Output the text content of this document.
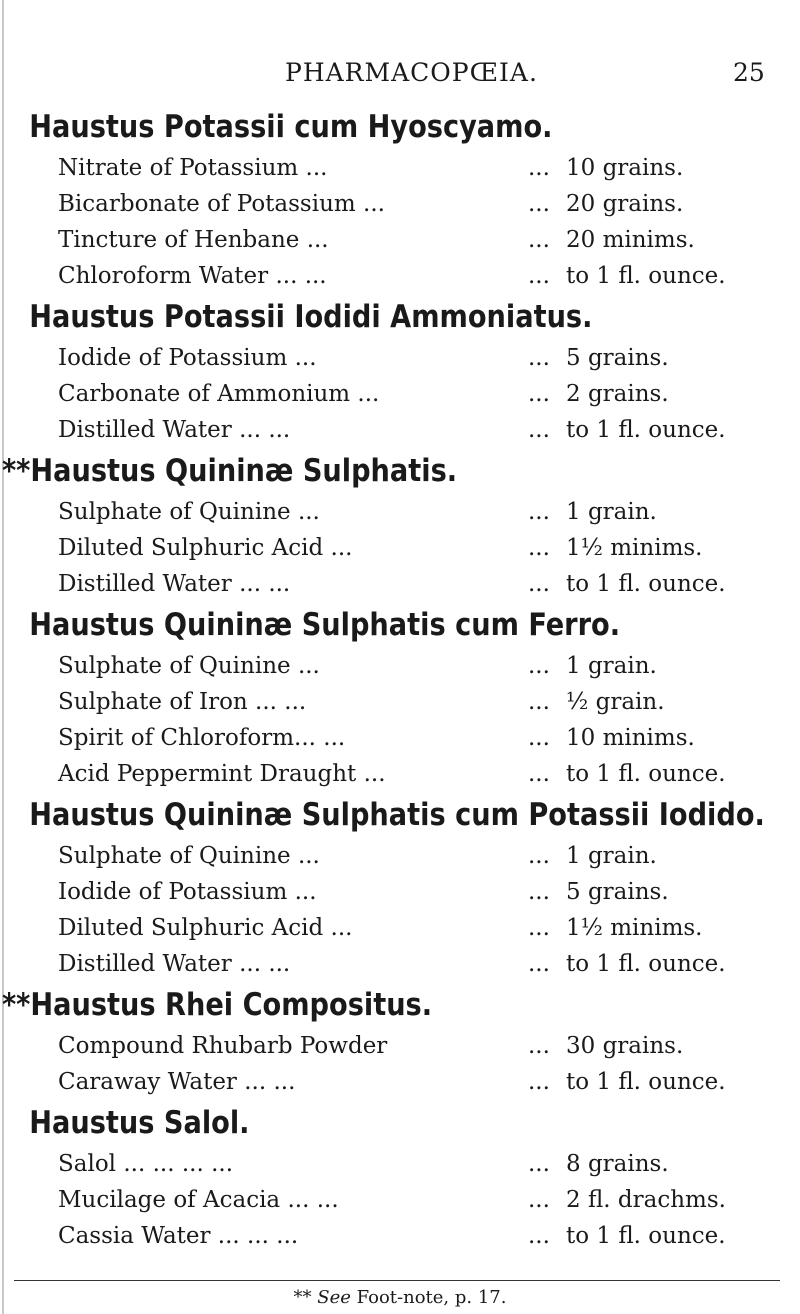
PHARMACOPŒIA.	25
Haustus Potassii cum Hyoscyamo.
Nitrate of Potassium ...	... 10 grains.
Bicarbonate of Potassium ...	... 20 grains.
Tincture of Henbane ...	... 20 minims.
Chloroform Water ... ...	... to 1 fl. ounce.
Haustus Potassii Iodidi Ammoniatus.
Iodide of Potassium ...	... 5 grains.
Carbonate of Ammonium ...	... 2 grains.
Distilled Water ... ...	... to 1 fl. ounce.
**Haustus Quininæ Sulphatis.
Sulphate of Quinine ...	... 1 grain.
Diluted Sulphuric Acid ...	... 1½ minims.
Distilled Water ... ...	... to 1 fl. ounce.
Haustus Quininæ Sulphatis cum Ferro.
Sulphate of Quinine ...	... 1 grain.
Sulphate of Iron ... ...	... ½ grain.
Spirit of Chloroform... ...	... 10 minims.
Acid Peppermint Draught ...	... to 1 fl. ounce.
Haustus Quininæ Sulphatis cum Potassii Iodido.
Sulphate of Quinine ...	... 1 grain.
Iodide of Potassium ...	... 5 grains.
Diluted Sulphuric Acid ...	... 1½ minims.
Distilled Water ... ...	... to 1 fl. ounce.
**Haustus Rhei Compositus.
Compound Rhubarb Powder	... 30 grains.
Caraway Water ... ...	... to 1 fl. ounce.
Haustus Salol.
Salol ... ... ... ...	... 8 grains.
Mucilage of Acacia ... ...	... 2 fl. drachms.
Cassia Water ... ... ...	... to 1 fl. ounce.
** See Foot-note, p. 17.
